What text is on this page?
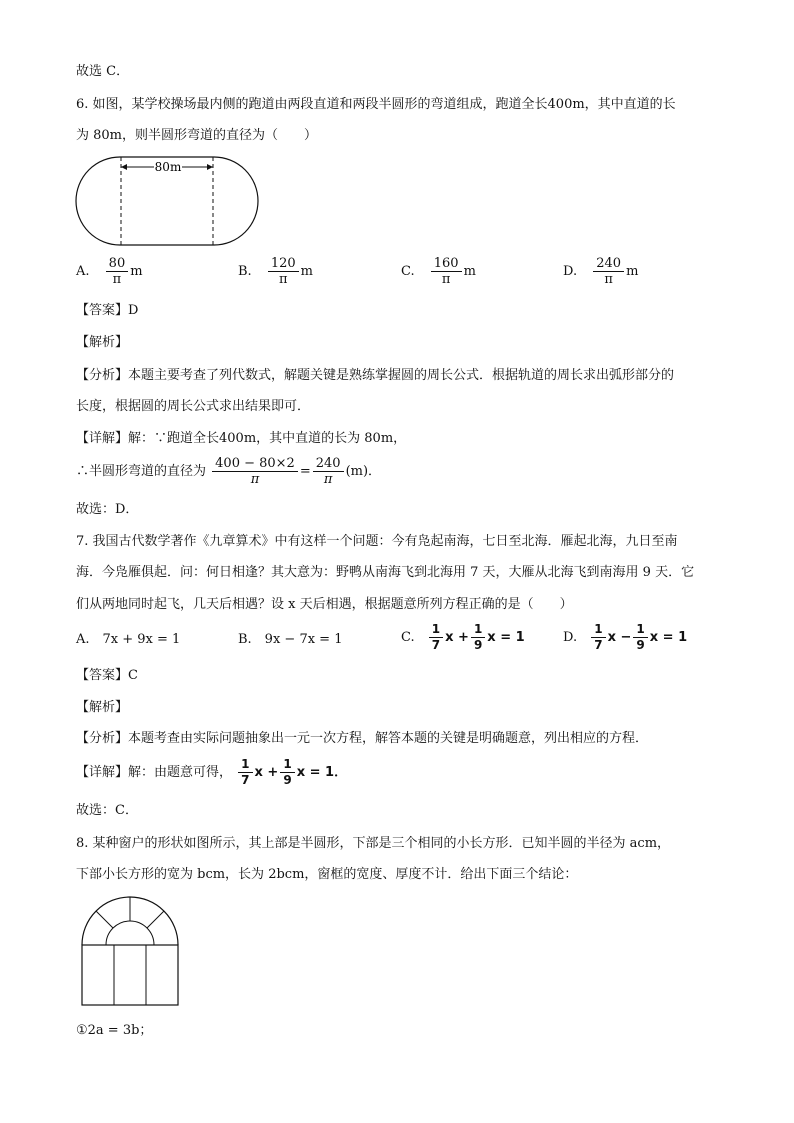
故选 C．
6. 如图，某学校操场最内侧的跑道由两段直道和两段半圆形的弯道组成，跑道全长400m，其中直道的长
为 80m，则半圆形弯道的直径为（　　）
80m
A. $\frac{80}{\pi}$ m	B. $\frac{120}{\pi}$ m	C. $\frac{160}{\pi}$ m	D. $\frac{240}{\pi}$ m
【答案】D
【解析】
【分析】本题主要考查了列代数式，解题关键是熟练掌握圆的周长公式．根据轨道的周长求出弧形部分的
长度，根据圆的周长公式求出结果即可．
【详解】解：∵跑道全长400m，其中直道的长为 80m，
∴半圆形弯道的直径为 $\frac{400 - 80\times 2}{\pi} = \frac{240}{\pi} (m)$．
故选：D．
7. 我国古代数学著作《九章算术》中有这样一个问题：今有凫起南海，七日至北海．雁起北海，九日至南
海．今凫雁俱起．问：何日相逢？其大意为：野鸭从南海飞到北海用 7 天，大雁从北海飞到南海用 9 天．它
们从两地同时起飞，几天后相遇？设 x 天后相遇，根据题意所列方程正确的是（　　）
A.　7x + 9x = 1	B.　9x − 7x = 1	C. $\frac{1}{7}$ $x + \frac{1}{9}$ x = 1	D. $\frac{1}{7}$ $x - \frac{1}{9}$ x = 1
【答案】C
【解析】
【分析】本题考查由实际问题抽象出一元一次方程，解答本题的关键是明确题意，列出相应的方程．
【详解】解：由题意可得， $\frac{1}{7}$ $x + \frac{1}{9}$ x = 1．
故选：C．
8. 某种窗户的形状如图所示，其上部是半圆形，下部是三个相同的小长方形．已知半圆的半径为 acm，
下部小长方形的宽为 bcm，长为 2bcm，窗框的宽度、厚度不计．给出下面三个结论：
①2a = 3b；
